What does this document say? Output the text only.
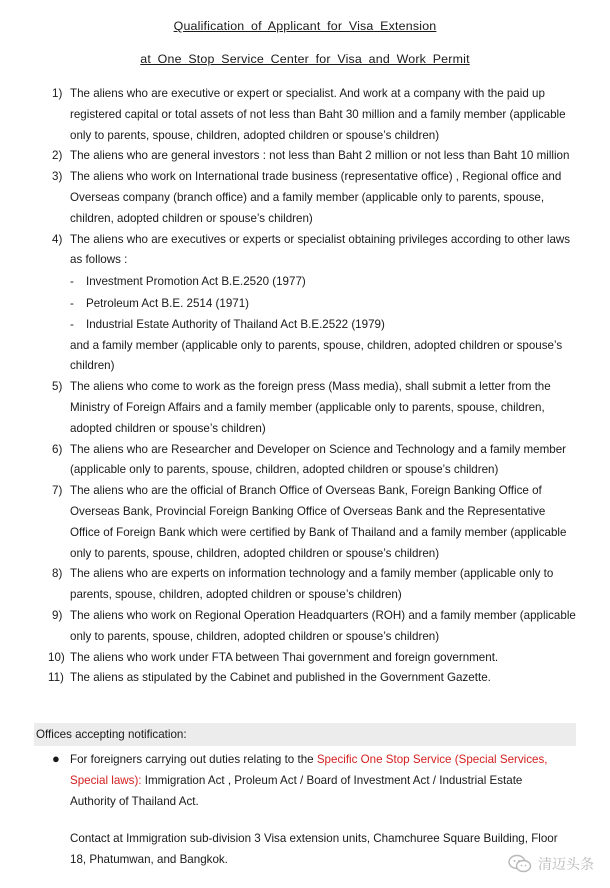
Qualification of Applicant for Visa Extension
at One Stop Service Center for Visa and Work Permit
1) The aliens who are executive or expert or specialist. And work at a company with the paid up registered capital or total assets of not less than Baht 30 million and a family member (applicable only to parents, spouse, children, adopted children or spouse’s children)
2) The aliens who are general investors : not less than Baht 2 million or not less than Baht 10 million
3) The aliens who work on International trade business (representative office) , Regional office and Overseas company (branch office) and a family member (applicable only to parents, spouse, children, adopted children or spouse’s children)
4) The aliens who are executives or experts or specialist obtaining privileges according to other laws as follows :
- Investment Promotion Act B.E.2520 (1977)
- Petroleum Act B.E. 2514 (1971)
- Industrial Estate Authority of Thailand Act B.E.2522 (1979)
and a family member (applicable only to parents, spouse, children, adopted children or spouse’s children)
5) The aliens who come to work as the foreign press (Mass media), shall submit a letter from the Ministry of Foreign Affairs and a family member (applicable only to parents, spouse, children, adopted children or spouse’s children)
6) The aliens who are Researcher and Developer on Science and Technology and a family member (applicable only to parents, spouse, children, adopted children or spouse’s children)
7) The aliens who are the official of Branch Office of Overseas Bank, Foreign Banking Office of Overseas Bank, Provincial Foreign Banking Office of Overseas Bank and the Representative Office of Foreign Bank which were certified by Bank of Thailand and a family member (applicable only to parents, spouse, children, adopted children or spouse’s children)
8) The aliens who are experts on information technology and a family member (applicable only to parents, spouse, children, adopted children or spouse’s children)
9) The aliens who work on Regional Operation Headquarters (ROH) and a family member (applicable only to parents, spouse, children, adopted children or spouse’s children)
10) The aliens who work under FTA between Thai government and foreign government.
11) The aliens as stipulated by the Cabinet and published in the Government Gazette.
Offices accepting notification:
● For foreigners carrying out duties relating to the Specific One Stop Service (Special Services, Special laws): Immigration Act , Proleum Act / Board of Investment Act / Industrial Estate Authority of Thailand Act.
Contact at Immigration sub-division 3 Visa extension units, Chamchuree Square Building, Floor 18, Phatumwan, and Bangkok.	清迈头条
